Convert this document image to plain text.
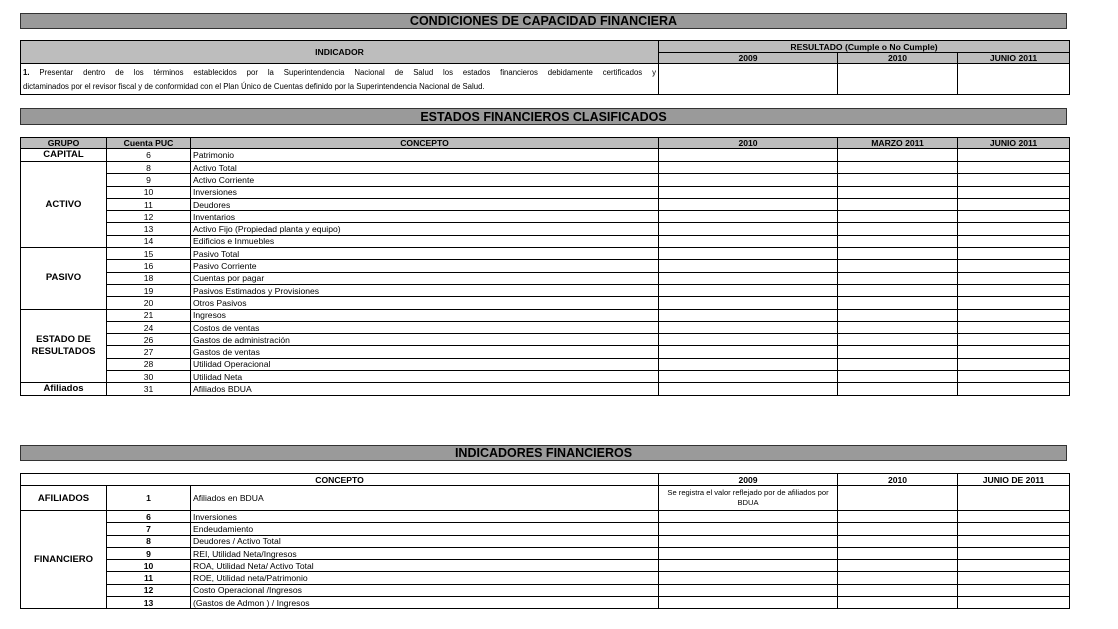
CONDICIONES DE CAPACIDAD FINANCIERA
INDICADOR	RESULTADO (Cumple o No Cumple)		
	2009	2010	JUNIO 2011

1. Presentar dentro de los términos establecidos por la Superintendencia Nacional de Salud los estados financieros debidamente certificados y
dictaminados por el revisor fiscal y de conformidad con el Plan Único de Cuentas definido por la Superintendencia Nacional de Salud.			

ESTADOS FINANCIEROS CLASIFICADOS
GRUPO	Cuenta PUC	CONCEPTO	2010	MARZO 2011	JUNIO 2011
CAPITAL	6	Patrimonio			
ACTIVO	8	Activo Total			
	9	Activo Corriente			
	10	Inversiones			
	11	Deudores			
	12	Inventarios			
	13	Activo Fijo (Propiedad planta y equipo)			
	14	Edificios e Inmuebles			
PASIVO	15	Pasivo Total			
	16	Pasivo Corriente			
	18	Cuentas por pagar			
	19	Pasivos Estimados y Provisiones			
	20	Otros Pasivos			
ESTADO DE RESULTADOS	21	Ingresos			
	24	Costos de ventas			
	26	Gastos de administración			
	27	Gastos de ventas			
	28	Utilidad Operacional			
	30	Utilidad Neta			
Afiliados	31	Afiliados BDUA			
INDICADORES FINANCIEROS
CONCEPTO			2009	2010	JUNIO DE 2011
AFILIADOS	1	Afiliados en BDUA	Se registra el valor reflejado por de afiliados por BDUA		
FINANCIERO	6	Inversiones			
	7	Endeudamiento			
	8	Deudores / Activo Total			
	9	REI, Utilidad Neta/Ingresos			
	10	ROA, Utilidad Neta/ Activo Total			
	11	ROE, Utilidad neta/Patrimonio			
	12	Costo Operacional /Ingresos			
	13	(Gastos de Admon ) / Ingresos			
